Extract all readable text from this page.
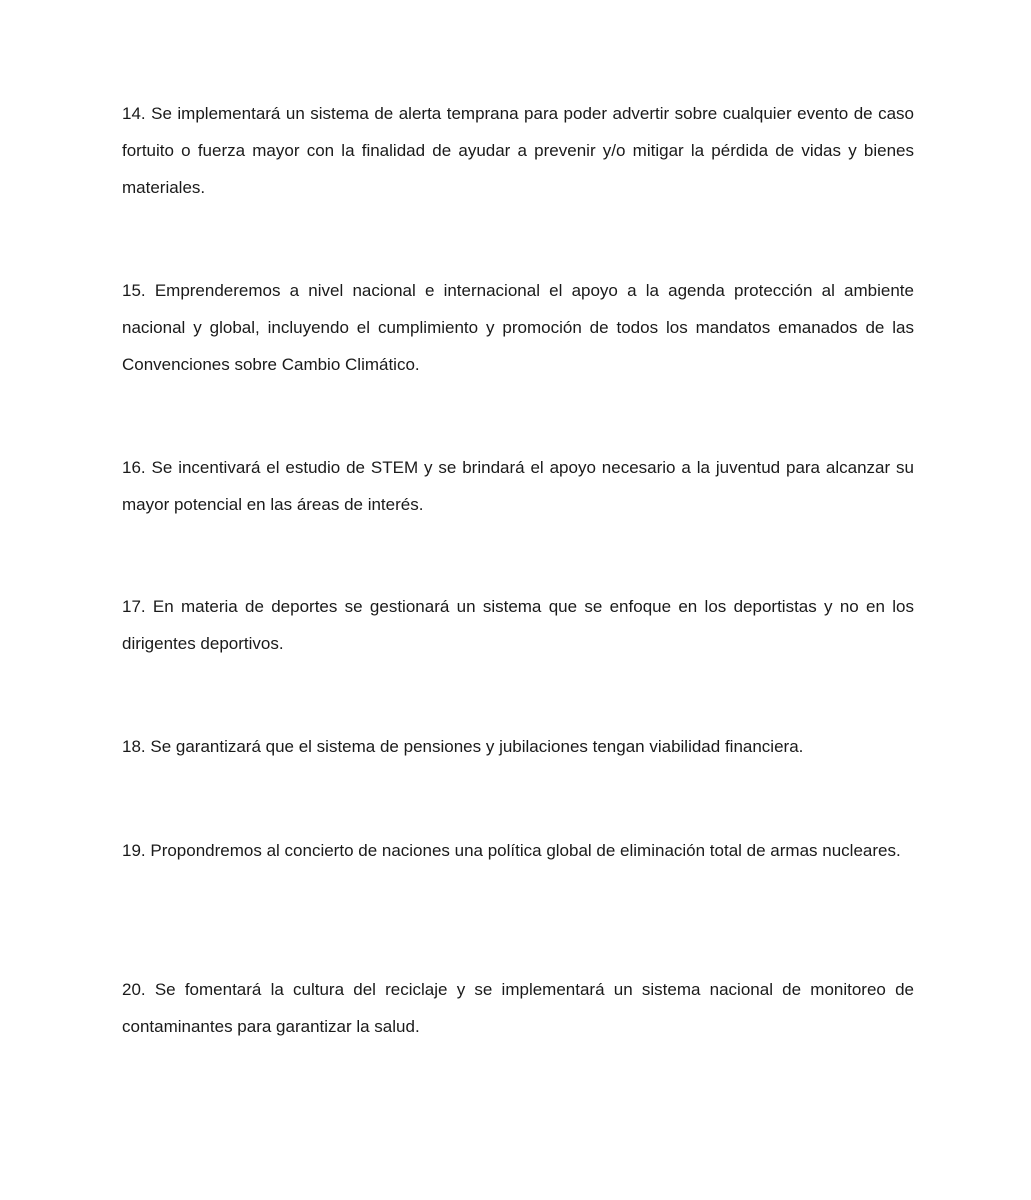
14. Se implementará un sistema de alerta temprana para poder advertir sobre cualquier evento de caso fortuito o fuerza mayor con la finalidad de ayudar a prevenir y/o mitigar la pérdida de vidas y bienes materiales.

15. Emprenderemos a nivel nacional e internacional el apoyo a la agenda protección al ambiente nacional y global, incluyendo el cumplimiento y promoción de todos los mandatos emanados de las Convenciones sobre Cambio Climático.

16. Se incentivará el estudio de STEM y se brindará el apoyo necesario a la juventud para alcanzar su mayor potencial en las áreas de interés.

17. En materia de deportes se gestionará un sistema que se enfoque en los deportistas y no en los dirigentes deportivos.

18. Se garantizará que el sistema de pensiones y jubilaciones tengan viabilidad financiera.

19. Propondremos al concierto de naciones una política global de eliminación total de armas nucleares.

20. Se fomentará la cultura del reciclaje y se implementará un sistema nacional de monitoreo de contaminantes para garantizar la salud.
